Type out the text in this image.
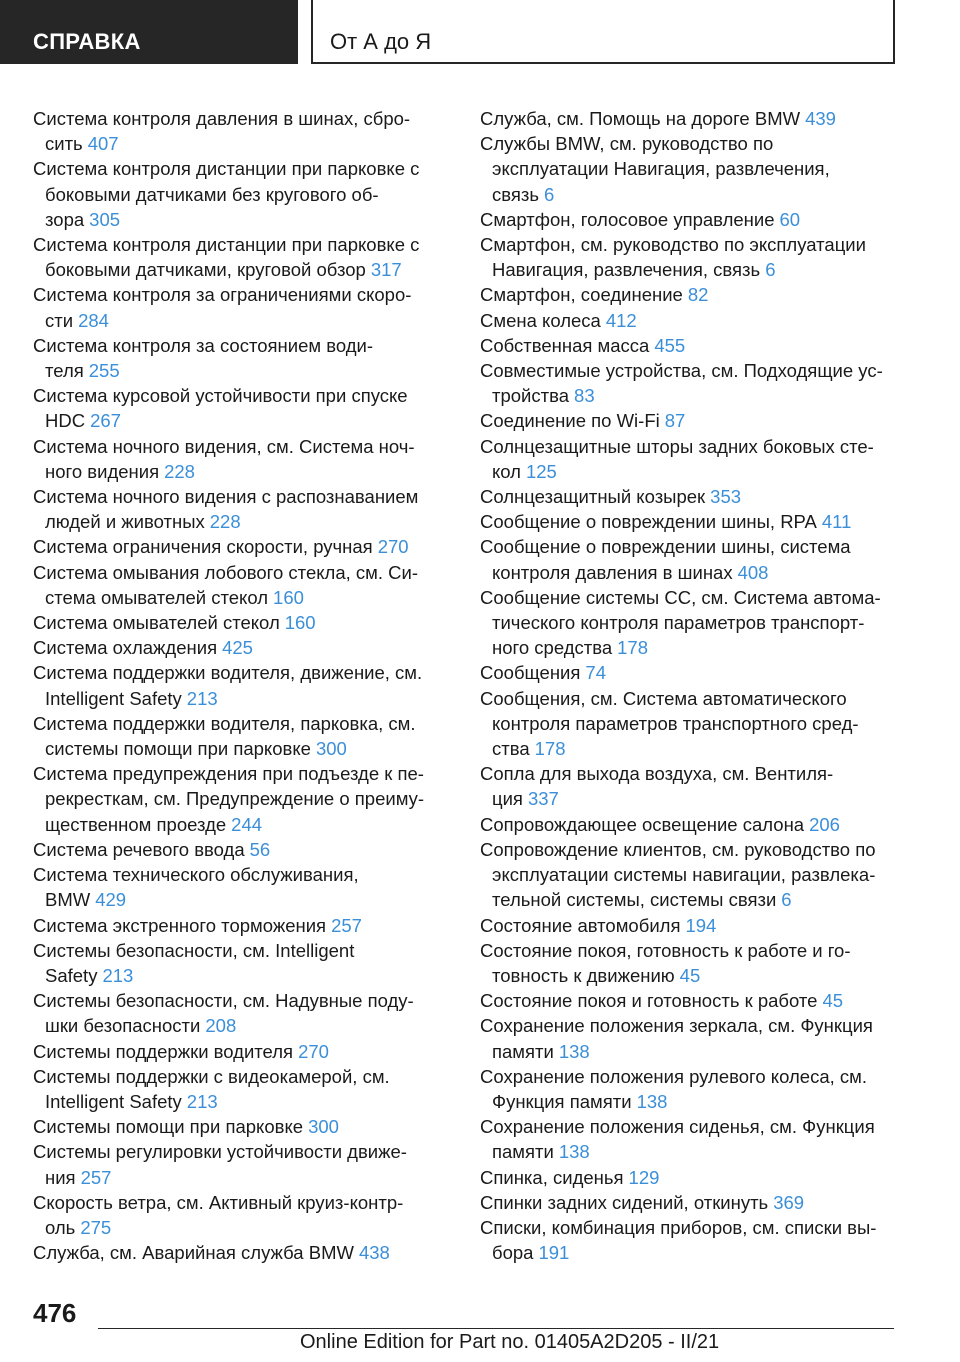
СПРАВКА	От А до Я
Система контроля давления в шинах, сбро-
сить 407
Система контроля дистанции при парковке с
боковыми датчиками без кругового об-
зора 305
Система контроля дистанции при парковке с
боковыми датчиками, круговой обзор 317
Система контроля за ограничениями скоро-
сти 284
Система контроля за состоянием води-
теля 255
Система курсовой устойчивости при спуске
HDC 267
Система ночного видения, см. Система ноч-
ного видения 228
Система ночного видения с распознаванием
людей и животных 228
Система ограничения скорости, ручная 270
Система омывания лобового стекла, см. Си-
стема омывателей стекол 160
Система омывателей стекол 160
Система охлаждения 425
Система поддержки водителя, движение, см.
Intelligent Safety 213
Система поддержки водителя, парковка, см.
системы помощи при парковке 300
Система предупреждения при подъезде к пе-
рекресткам, см. Предупреждение о преиму-
щественном проезде 244
Система речевого ввода 56
Система технического обслуживания,
BMW 429
Система экстренного торможения 257
Системы безопасности, см. Intelligent
Safety 213
Системы безопасности, см. Надувные поду-
шки безопасности 208
Системы поддержки водителя 270
Системы поддержки с видеокамерой, см.
Intelligent Safety 213
Системы помощи при парковке 300
Системы регулировки устойчивости движе-
ния 257
Скорость ветра, см. Активный круиз-контр-
оль 275
Служба, см. Аварийная служба BMW 438
Служба, см. Помощь на дороге BMW 439
Службы BMW, см. руководство по
эксплуатации Навигация, развлечения,
связь 6
Смартфон, голосовое управление 60
Смартфон, см. руководство по эксплуатации
Навигация, развлечения, связь 6
Смартфон, соединение 82
Смена колеса 412
Собственная масса 455
Совместимые устройства, см. Подходящие ус-
тройства 83
Соединение по Wi-Fi 87
Солнцезащитные шторы задних боковых сте-
кол 125
Солнцезащитный козырек 353
Сообщение о повреждении шины, RPA 411
Сообщение о повреждении шины, система
контроля давления в шинах 408
Сообщение системы CC, см. Система автома-
тического контроля параметров транспорт-
ного средства 178
Сообщения 74
Сообщения, см. Система автоматического
контроля параметров транспортного сред-
ства 178
Сопла для выхода воздуха, см. Вентиля-
ция 337
Сопровождающее освещение салона 206
Сопровождение клиентов, см. руководство по
эксплуатации системы навигации, развлека-
тельной системы, системы связи 6
Состояние автомобиля 194
Состояние покоя, готовность к работе и го-
товность к движению 45
Состояние покоя и готовность к работе 45
Сохранение положения зеркала, см. Функция
памяти 138
Сохранение положения рулевого колеса, см.
Функция памяти 138
Сохранение положения сиденья, см. Функция
памяти 138
Спинка, сиденья 129
Спинки задних сидений, откинуть 369
Списки, комбинация приборов, см. списки вы-
бора 191
476
Online Edition for Part no. 01405A2D205 - II/21
